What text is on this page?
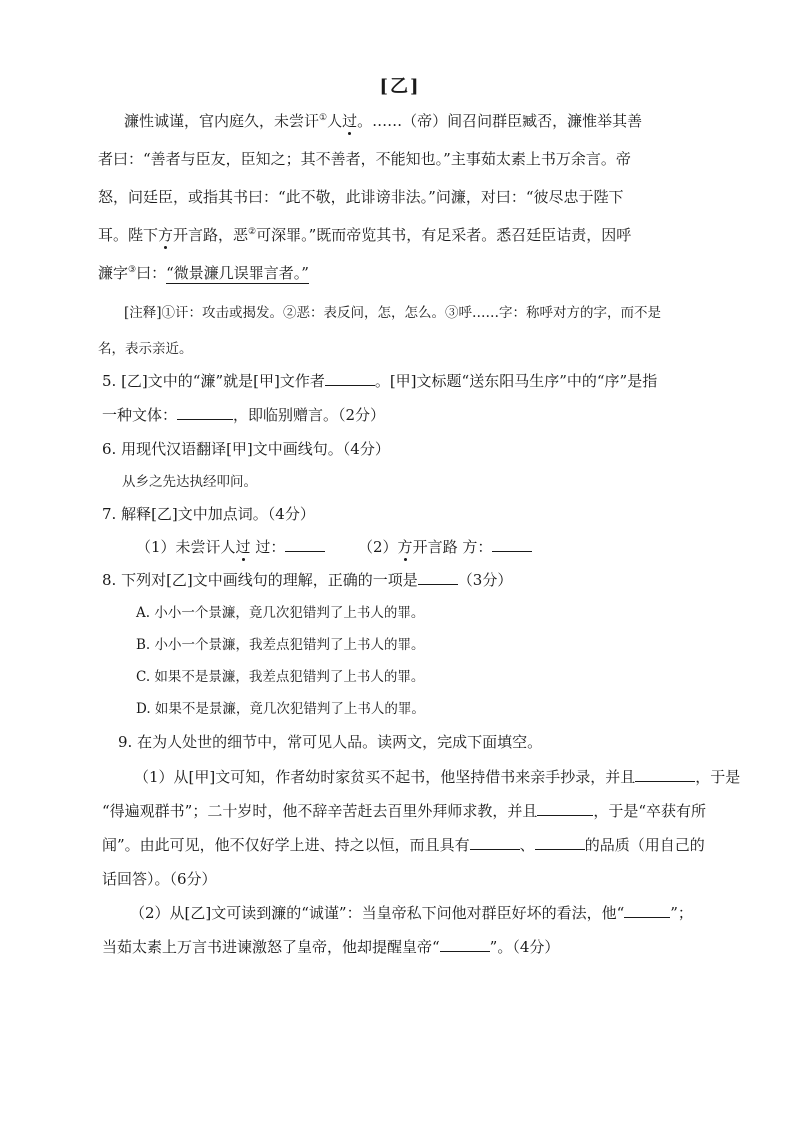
[乙]
濂性诚谨，官内庭久，未尝讦①人过。……（帝）间召问群臣臧否，濂惟举其善
者曰：“善者与臣友，臣知之；其不善者，不能知也。”主事茹太素上书万余言。帝
怒，问廷臣，或指其书曰：“此不敬，此诽谤非法。”问濂，对曰：“彼尽忠于陛下
耳。陛下方开言路，恶②可深罪。”既而帝览其书，有足采者。悉召廷臣诘责，因呼
濂字③曰：“微景濂几误罪言者。”
[注释]①讦：攻击或揭发。②恶：表反问，怎，怎么。③呼……字：称呼对方的字，而不是
名，表示亲近。
5. [乙]文中的“濂”就是[甲]文作者	。[甲]文标题“送东阳马生序”中的“序”是指
一种文体：	，即临别赠言。（2分）
6. 用现代汉语翻译[甲]文中画线句。（4分）
从乡之先达执经叩问。
7. 解释[乙]文中加点词。（4分）
（1）未尝讦人过 过：	（2）方开言路 方：
8. 下列对[乙]文中画线句的理解，正确的一项是	（3分）
A. 小小一个景濂，竟几次犯错判了上书人的罪。
B. 小小一个景濂，我差点犯错判了上书人的罪。
C. 如果不是景濂，我差点犯错判了上书人的罪。
D. 如果不是景濂，竟几次犯错判了上书人的罪。
9. 在为人处世的细节中，常可见人品。读两文，完成下面填空。
（1）从[甲]文可知，作者幼时家贫买不起书，他坚持借书来亲手抄录，并且	，于是
“得遍观群书”；二十岁时，他不辞辛苦赶去百里外拜师求教，并且	，于是“卒获有所
闻”。由此可见，他不仅好学上进、持之以恒，而且具有	、	的品质（用自己的
话回答）。（6分）
（2）从[乙]文可读到濂的“诚谨”：当皇帝私下问他对群臣好坏的看法，他“	”；
当茹太素上万言书进谏激怒了皇帝，他却提醒皇帝“	”。（4分）
